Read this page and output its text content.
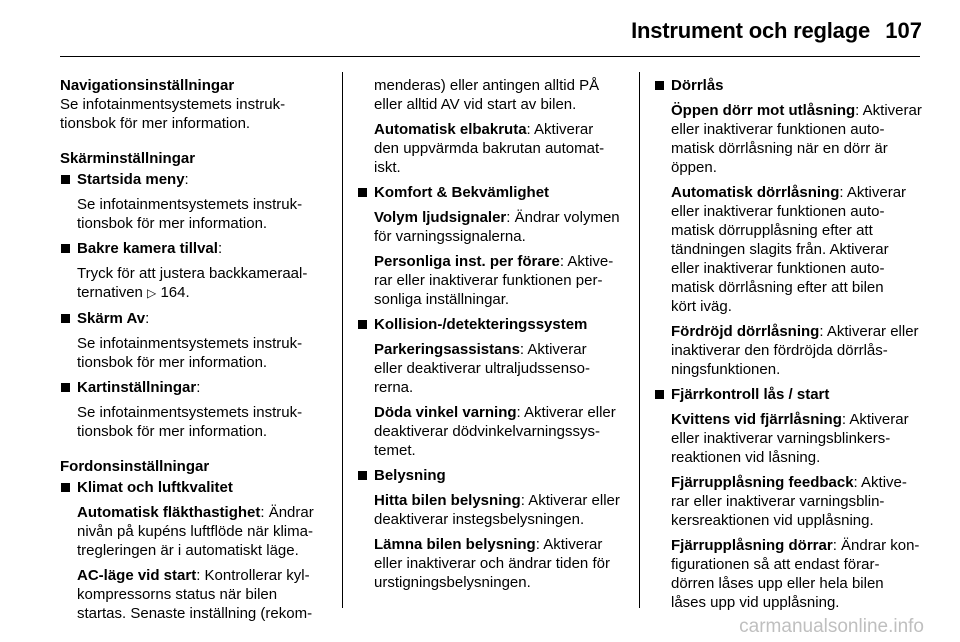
Instrument och reglage 107
Navigationsinställningar
Se infotainmentsystemets instruk-
tionsbok för mer information.
Skärminställningar
Startsida meny:
Se infotainmentsystemets instruk-
tionsbok för mer information.
Bakre kamera tillval:
Tryck för att justera backkameraal-
ternativen ▷ 164.
Skärm Av:
Se infotainmentsystemets instruk-
tionsbok för mer information.
Kartinställningar:
Se infotainmentsystemets instruk-
tionsbok för mer information.
Fordonsinställningar
Klimat och luftkvalitet
Automatisk fläkthastighet: Ändrar
nivån på kupéns luftflöde när klima-
tregleringen är i automatiskt läge.
AC-läge vid start: Kontrollerar kyl-
kompressorns status när bilen
startas. Senaste inställning (rekom-
menderas) eller antingen alltid PÅ
eller alltid AV vid start av bilen.
Automatisk elbakruta: Aktiverar
den uppvärmda bakrutan automat-
iskt.
Komfort & Bekvämlighet
Volym ljudsignaler: Ändrar volymen
för varningssignalerna.
Personliga inst. per förare: Aktive-
rar eller inaktiverar funktionen per-
sonliga inställningar.
Kollision-/detekteringssystem
Parkeringsassistans: Aktiverar
eller deaktiverar ultraljudssenso-
rerna.
Döda vinkel varning: Aktiverar eller
deaktiverar dödvinkelvarningssys-
temet.
Belysning
Hitta bilen belysning: Aktiverar eller
deaktiverar instegsbelysningen.
Lämna bilen belysning: Aktiverar
eller inaktiverar och ändrar tiden för
urstigningsbelysningen.
Dörrlås
Öppen dörr mot utlåsning: Aktiverar
eller inaktiverar funktionen auto-
matisk dörrlåsning när en dörr är
öppen.
Automatisk dörrlåsning: Aktiverar
eller inaktiverar funktionen auto-
matisk dörrupplåsning efter att
tändningen slagits från. Aktiverar
eller inaktiverar funktionen auto-
matisk dörrlåsning efter att bilen
kört iväg.
Fördröjd dörrlåsning: Aktiverar eller
inaktiverar den fördröjda dörrlås-
ningsfunktionen.
Fjärrkontroll lås / start
Kvittens vid fjärrlåsning: Aktiverar
eller inaktiverar varningsblinkers-
reaktionen vid låsning.
Fjärrupplåsning feedback: Aktive-
rar eller inaktiverar varningsblin-
kersreaktionen vid upplåsning.
Fjärrupplåsning dörrar: Ändrar kon-
figurationen så att endast förar-
dörren låses upp eller hela bilen
låses upp vid upplåsning.
carmanualsonline.info
